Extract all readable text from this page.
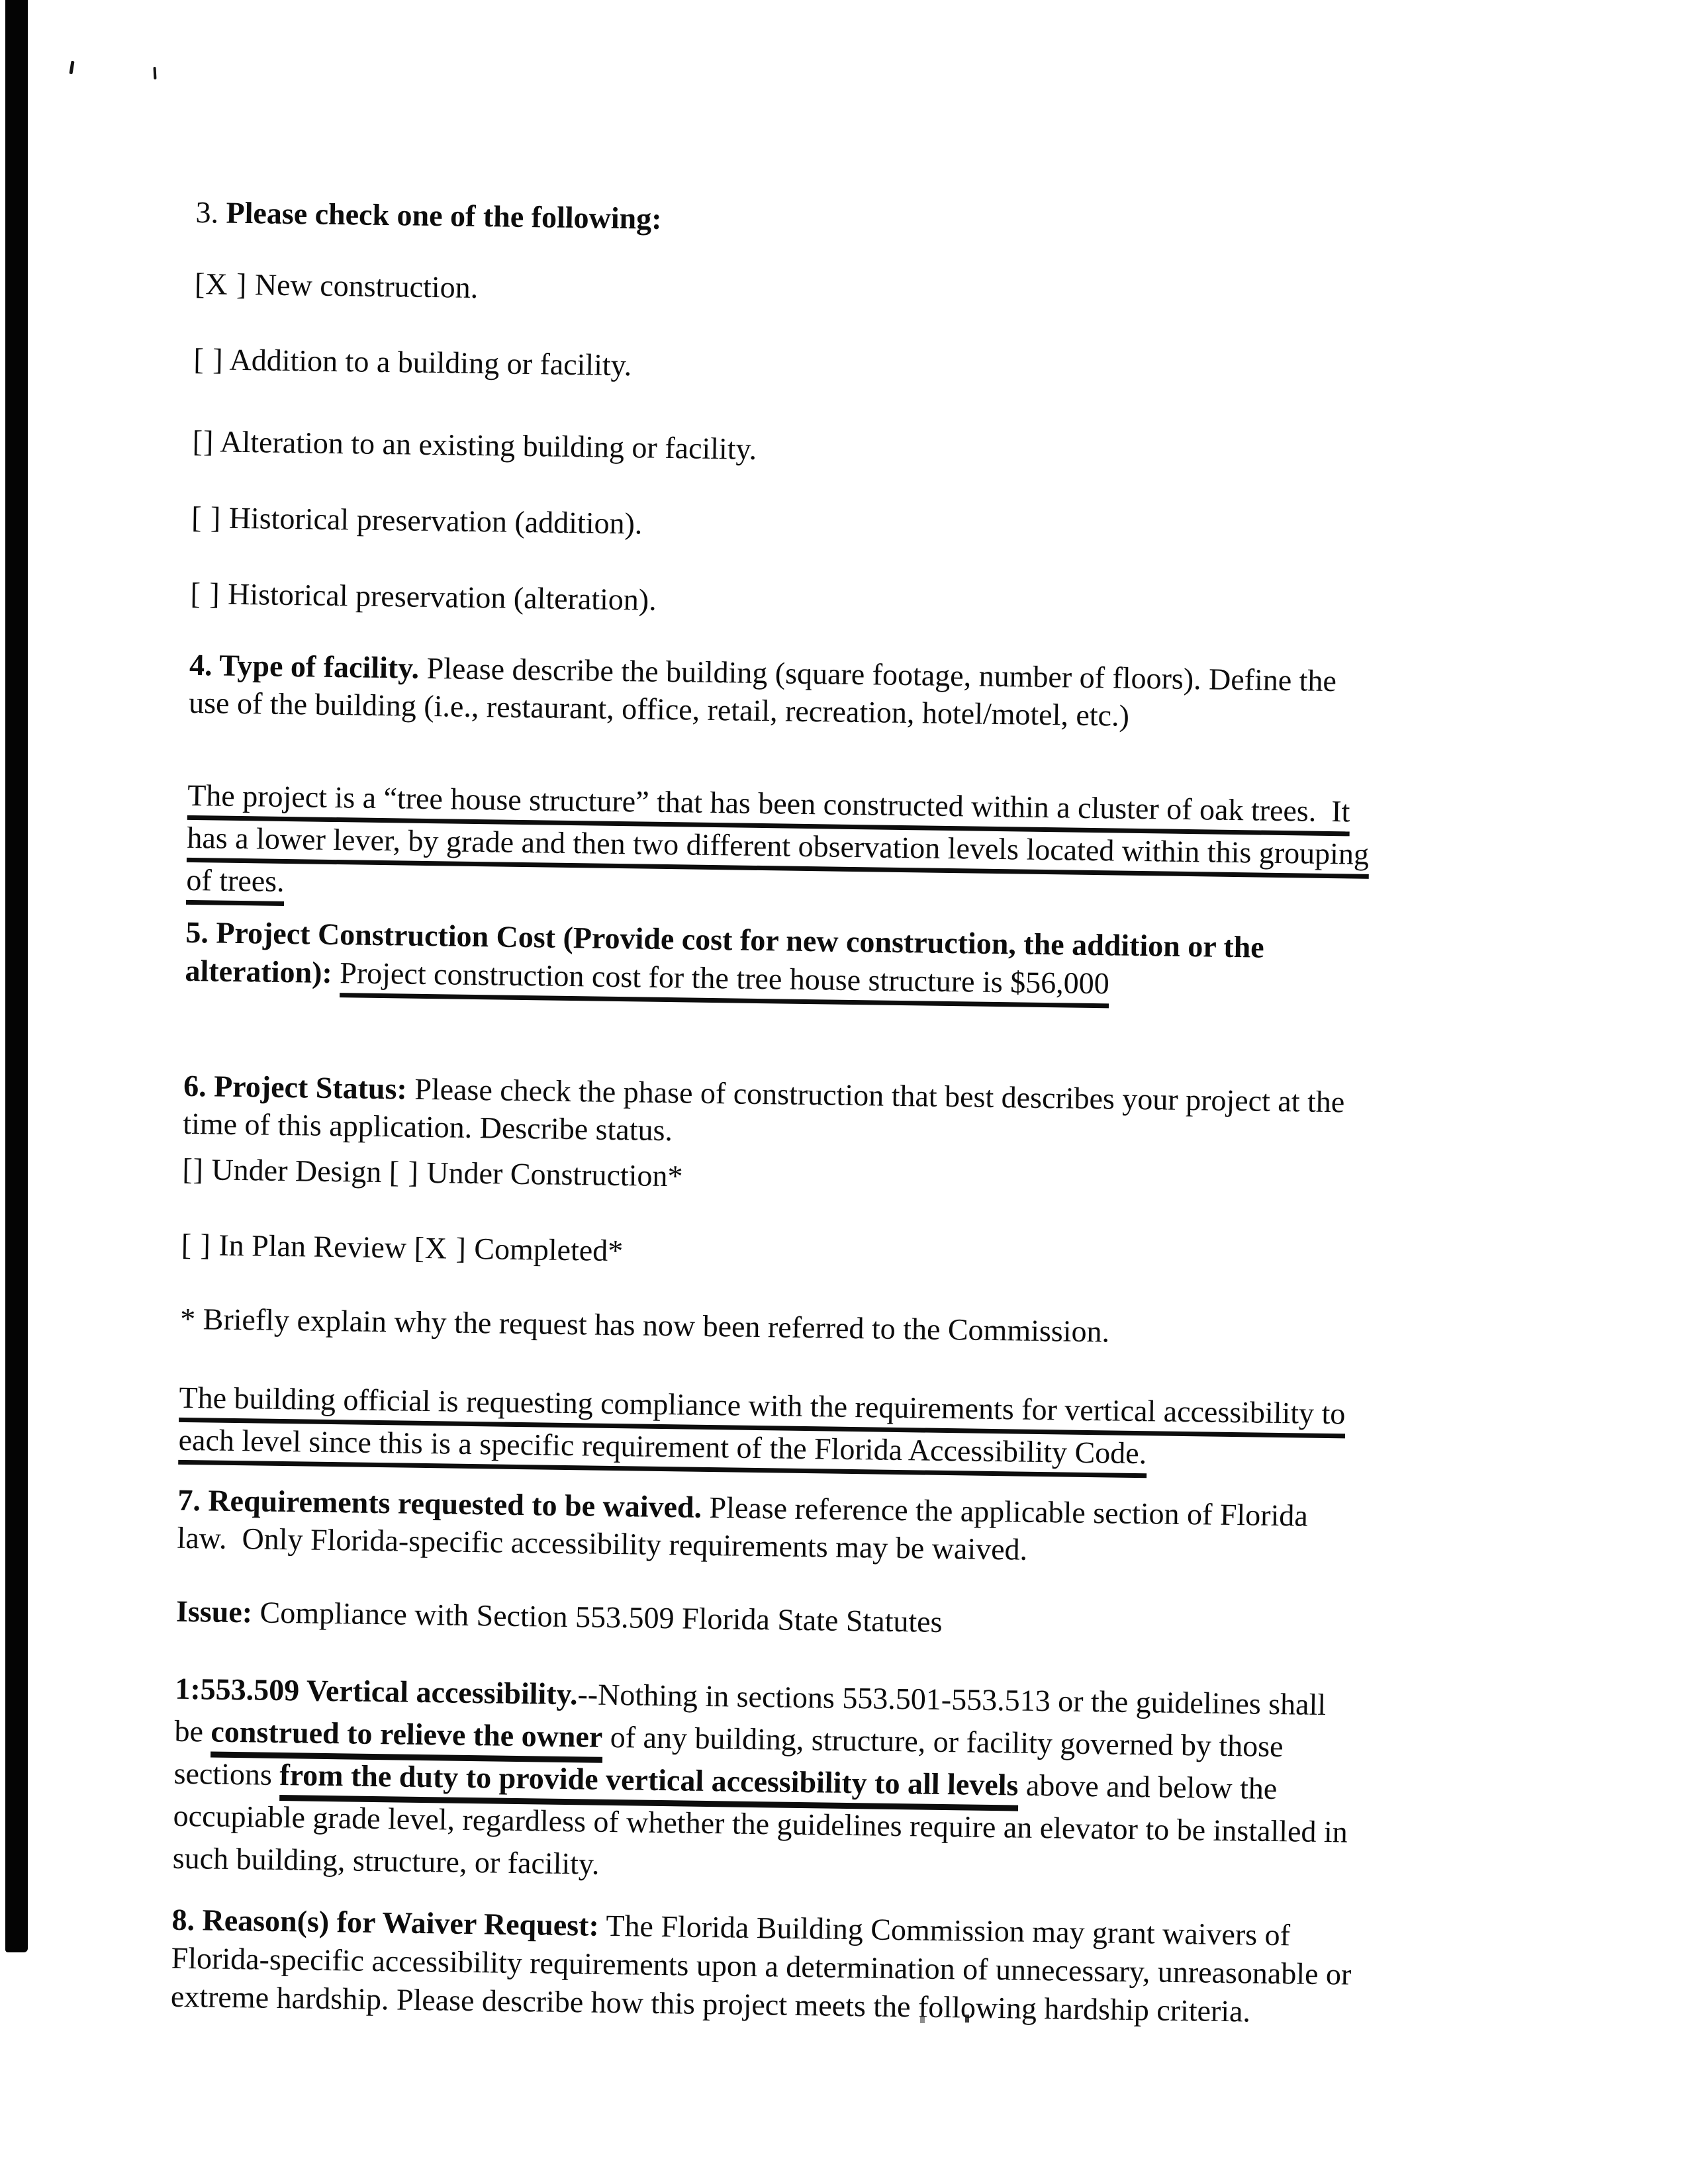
3. Please check one of the following:
[X ] New construction.
[ ] Addition to a building or facility.
[] Alteration to an existing building or facility.
[ ] Historical preservation (addition).
[ ] Historical preservation (alteration).
4. Type of facility. Please describe the building (square footage, number of floors). Define the
use of the building (i.e., restaurant, office, retail, recreation, hotel/motel, etc.)
The project is a “tree house structure” that has been constructed within a cluster of oak trees.  It
has a lower lever, by grade and then two different observation levels located within this grouping
of trees.
5. Project Construction Cost (Provide cost for new construction, the addition or the
alteration): Project construction cost for the tree house structure is $56,000
6. Project Status: Please check the phase of construction that best describes your project at the
time of this application. Describe status.
[] Under Design [ ] Under Construction*
[ ] In Plan Review [X ] Completed*
* Briefly explain why the request has now been referred to the Commission.
The building official is requesting compliance with the requirements for vertical accessibility to
each level since this is a specific requirement of the Florida Accessibility Code.
7. Requirements requested to be waived. Please reference the applicable section of Florida
law.  Only Florida-specific accessibility requirements may be waived.
Issue: Compliance with Section 553.509 Florida State Statutes
1:553.509 Vertical accessibility.--Nothing in sections 553.501-553.513 or the guidelines shall
be construed to relieve the owner of any building, structure, or facility governed by those
sections from the duty to provide vertical accessibility to all levels above and below the
occupiable grade level, regardless of whether the guidelines require an elevator to be installed in
such building, structure, or facility.
8. Reason(s) for Waiver Request: The Florida Building Commission may grant waivers of
Florida-specific accessibility requirements upon a determination of unnecessary, unreasonable or
extreme hardship. Please describe how this project meets the following hardship criteria.
